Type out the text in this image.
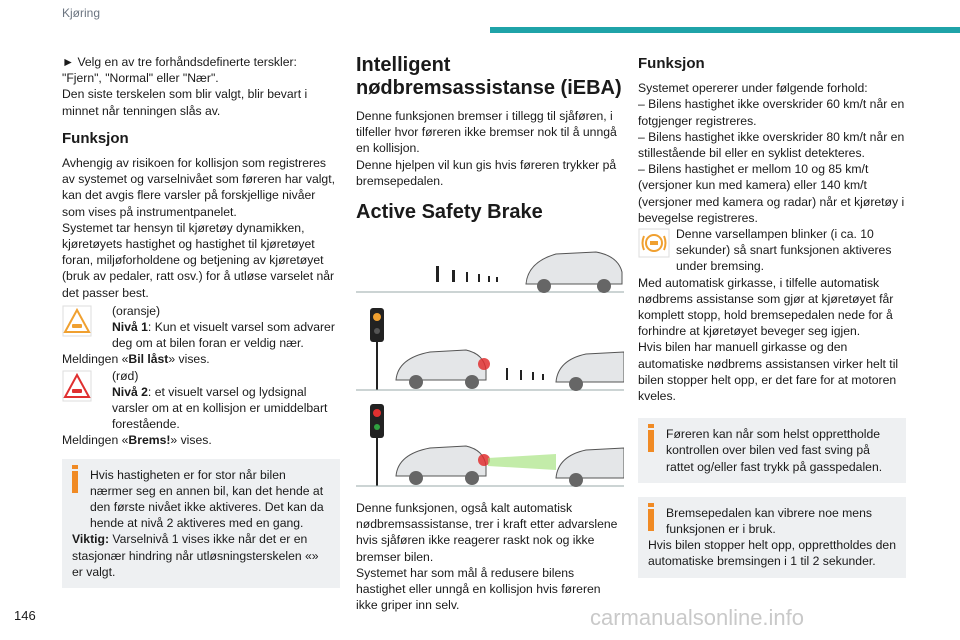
Kjøring

► Velg en av tre forhåndsdefinerte terskler: "Fjern", "Normal" eller "Nær".

Den siste terskelen som blir valgt, blir bevart i minnet når tenningen slås av.

Funksjon

Avhengig av risikoen for kollisjon som registreres av systemet og varselnivået som føreren har valgt, kan det avgis flere varsler på forskjellige nivåer som vises på instrumentpanelet.

Systemet tar hensyn til kjøretøy dynamikken, kjøretøyets hastighet og hastighet til kjøretøyet foran, miljøforholdene og betjening av kjøretøyet (bruk av pedaler, ratt osv.) for å utløse varselet når det passer best.

(oransje)

Nivå 1: Kun et visuelt varsel som advarer deg om at bilen foran er veldig nær.

Meldingen «Bil låst» vises.

(rød)

Nivå 2: et visuelt varsel og lydsignal varsler om at en kollisjon er umiddelbart forestående.

Meldingen «Brems!» vises.

Hvis hastigheten er for stor når bilen nærmer seg en annen bil, kan det hende at den første nivået ikke aktiveres. Det kan da hende at nivå 2 aktiveres med en gang.

Viktig: Varselnivå 1 vises ikke når det er en stasjonær hindring når utløsningsterskelen «» er valgt.

Intelligent nødbremsassistanse (iEBA)

Denne funksjonen bremser i tillegg til sjåføren, i tilfeller hvor føreren ikke bremser nok til å unngå en kollisjon.

Denne hjelpen vil kun gis hvis føreren trykker på bremsepedalen.

Active Safety Brake

Denne funksjonen, også kalt automatisk nødbremsassistanse, trer i kraft etter advarslene hvis sjåføren ikke reagerer raskt nok og ikke bremser bilen.

Systemet har som mål å redusere bilens hastighet eller unngå en kollisjon hvis føreren ikke griper inn selv.

Funksjon

Systemet opererer under følgende forhold:

– Bilens hastighet ikke overskrider 60 km/t når en fotgjenger registreres.

– Bilens hastighet ikke overskrider 80 km/t når en stillestående bil eller en syklist detekteres.

– Bilens hastighet er mellom 10 og 85 km/t (versjoner kun med kamera) eller 140 km/t (versjoner med kamera og radar) når et kjøretøy i bevegelse registreres.

Denne varsellampen blinker (i ca. 10 sekunder) så snart funksjonen aktiveres under bremsing.

Med automatisk girkasse, i tilfelle automatisk nødbrems assistanse som gjør at kjøretøyet får komplett stopp, hold bremsepedalen nede for å forhindre at kjøretøyet beveger seg igjen.

Hvis bilen har manuell girkasse og den automatiske nødbrems assistansen virker helt til bilen stopper helt opp, er det fare for at motoren kveles.

Føreren kan når som helst opprettholde kontrollen over bilen ved fast sving på rattet og/eller fast trykk på gasspedalen.

Bremsepedalen kan vibrere noe mens funksjonen er i bruk.

Hvis bilen stopper helt opp, opprettholdes den automatiske bremsingen i 1 til 2 sekunder.

146	carmanualsonline.info
